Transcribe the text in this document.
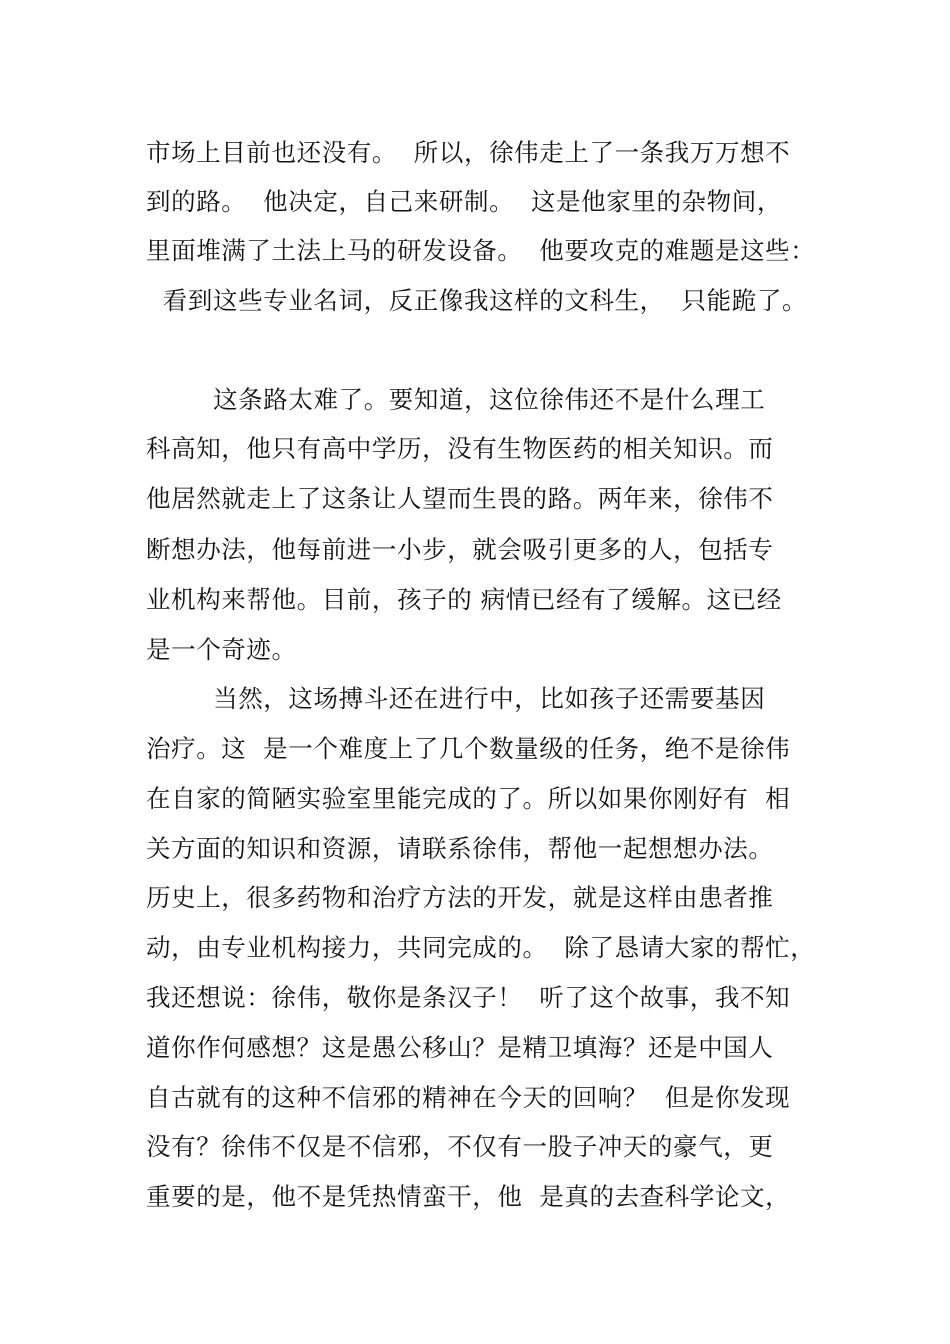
市场上目前也还没有。  所以，徐伟走上了一条我万万想不
到的路。  他决定，自己来研制。  这是他家里的杂物间，
里面堆满了土法上马的研发设备。  他要攻克的难题是这些：
看到这些专业名词，反正像我这样的文科生，  只能跪了。
这条路太难了。要知道，这位徐伟还不是什么理工
科高知，他只有高中学历，没有生物医药的相关知识。而
他居然就走上了这条让人望而生畏的路。两年来，徐伟不
断想办法，他每前进一小步，就会吸引更多的人，包括专
业机构来帮他。目前，孩子的 病情已经有了缓解。这已经
是一个奇迹。
当然，这场搏斗还在进行中，比如孩子还需要基因
治疗。这  是一个难度上了几个数量级的任务，绝不是徐伟
在自家的简陋实验室里能完成的了。所以如果你刚好有  相
关方面的知识和资源，请联系徐伟，帮他一起想想办法。
历史上，很多药物和治疗方法的开发，就是这样由患者推
动，由专业机构接力，共同完成的。  除了恳请大家的帮忙，
我还想说：徐伟，敬你是条汉子！  听了这个故事，我不知
道你作何感想？这是愚公移山？是精卫填海？还是中国人
自古就有的这种不信邪的精神在今天的回响？  但是你发现
没有？徐伟不仅是不信邪，不仅有一股子冲天的豪气，更
重要的是，他不是凭热情蛮干，他  是真的去查科学论文，
